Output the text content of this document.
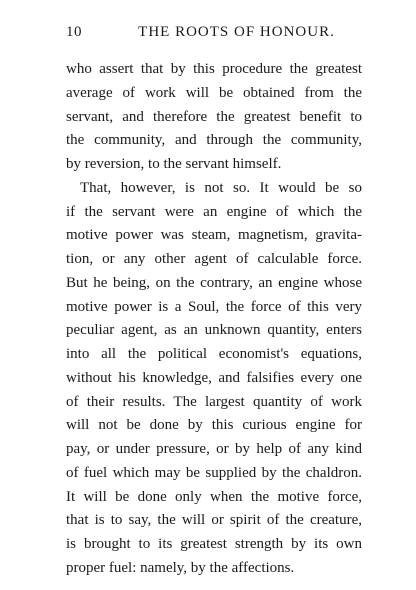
10	THE ROOTS OF HONOUR.
who assert that by this procedure the greatest
average of work will be obtained from the
servant, and therefore the greatest benefit to
the community, and through the community,
by reversion, to the servant himself.
That, however, is not so. It would be so
if the servant were an engine of which the
motive power was steam, magnetism, gravita-
tion, or any other agent of calculable force.
But he being, on the contrary, an engine whose
motive power is a Soul, the force of this very
peculiar agent, as an unknown quantity, enters
into all the political economist's equations,
without his knowledge, and falsifies every one
of their results. The largest quantity of work
will not be done by this curious engine for
pay, or under pressure, or by help of any kind
of fuel which may be supplied by the chaldron.
It will be done only when the motive force,
that is to say, the will or spirit of the creature,
is brought to its greatest strength by its own
proper fuel: namely, by the affections.
